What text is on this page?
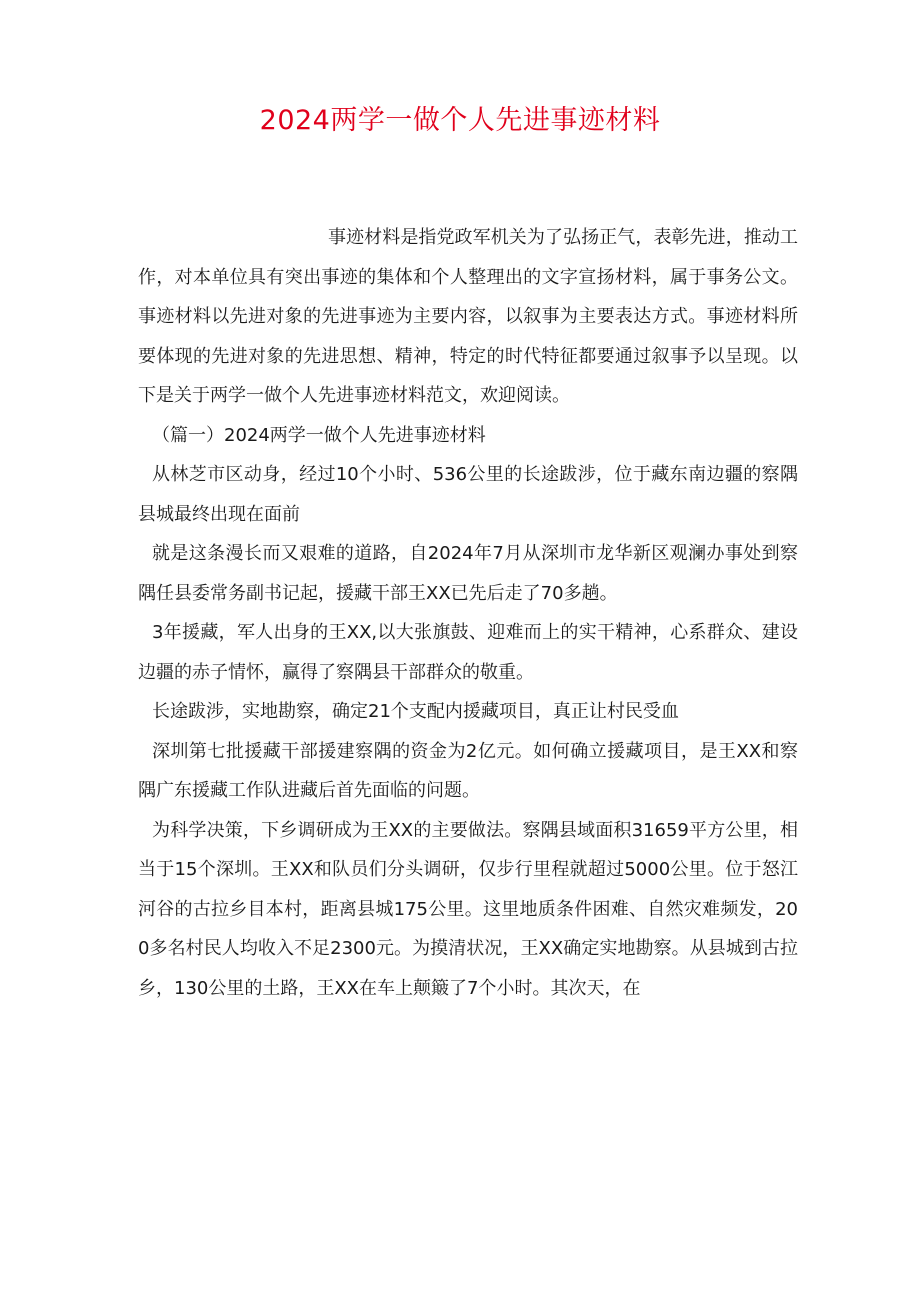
2024两学一做个人先进事迹材料

事迹材料是指党政军机关为了弘扬正气，表彰先进，推动工作，对本单位具有突出事迹的集体和个人整理出的文字宣扬材料，属于事务公文。事迹材料以先进对象的先进事迹为主要内容，以叙事为主要表达方式。事迹材料所要体现的先进对象的先进思想、精神，特定的时代特征都要通过叙事予以呈现。以下是关于两学一做个人先进事迹材料范文，欢迎阅读。

（篇一）2024两学一做个人先进事迹材料

从林芝市区动身，经过10个小时、536公里的长途跋涉，位于藏东南边疆的察隅县城最终出现在面前

就是这条漫长而又艰难的道路，自2024年7月从深圳市龙华新区观澜办事处到察隅任县委常务副书记起，援藏干部王XX已先后走了70多趟。

3年援藏，军人出身的王XX,以大张旗鼓、迎难而上的实干精神，心系群众、建设边疆的赤子情怀，赢得了察隅县干部群众的敬重。

长途跋涉，实地勘察，确定21个支配内援藏项目，真正让村民受血

深圳第七批援藏干部援建察隅的资金为2亿元。如何确立援藏项目，是王XX和察隅广东援藏工作队进藏后首先面临的问题。

为科学决策，下乡调研成为王XX的主要做法。察隅县域面积31659平方公里，相当于15个深圳。王XX和队员们分头调研，仅步行里程就超过5000公里。位于怒江河谷的古拉乡目本村，距离县城175公里。这里地质条件困难、自然灾难频发，200多名村民人均收入不足2300元。为摸清状况，王XX确定实地勘察。从县城到古拉乡，130公里的土路，王XX在车上颠簸了7个小时。其次天，在
